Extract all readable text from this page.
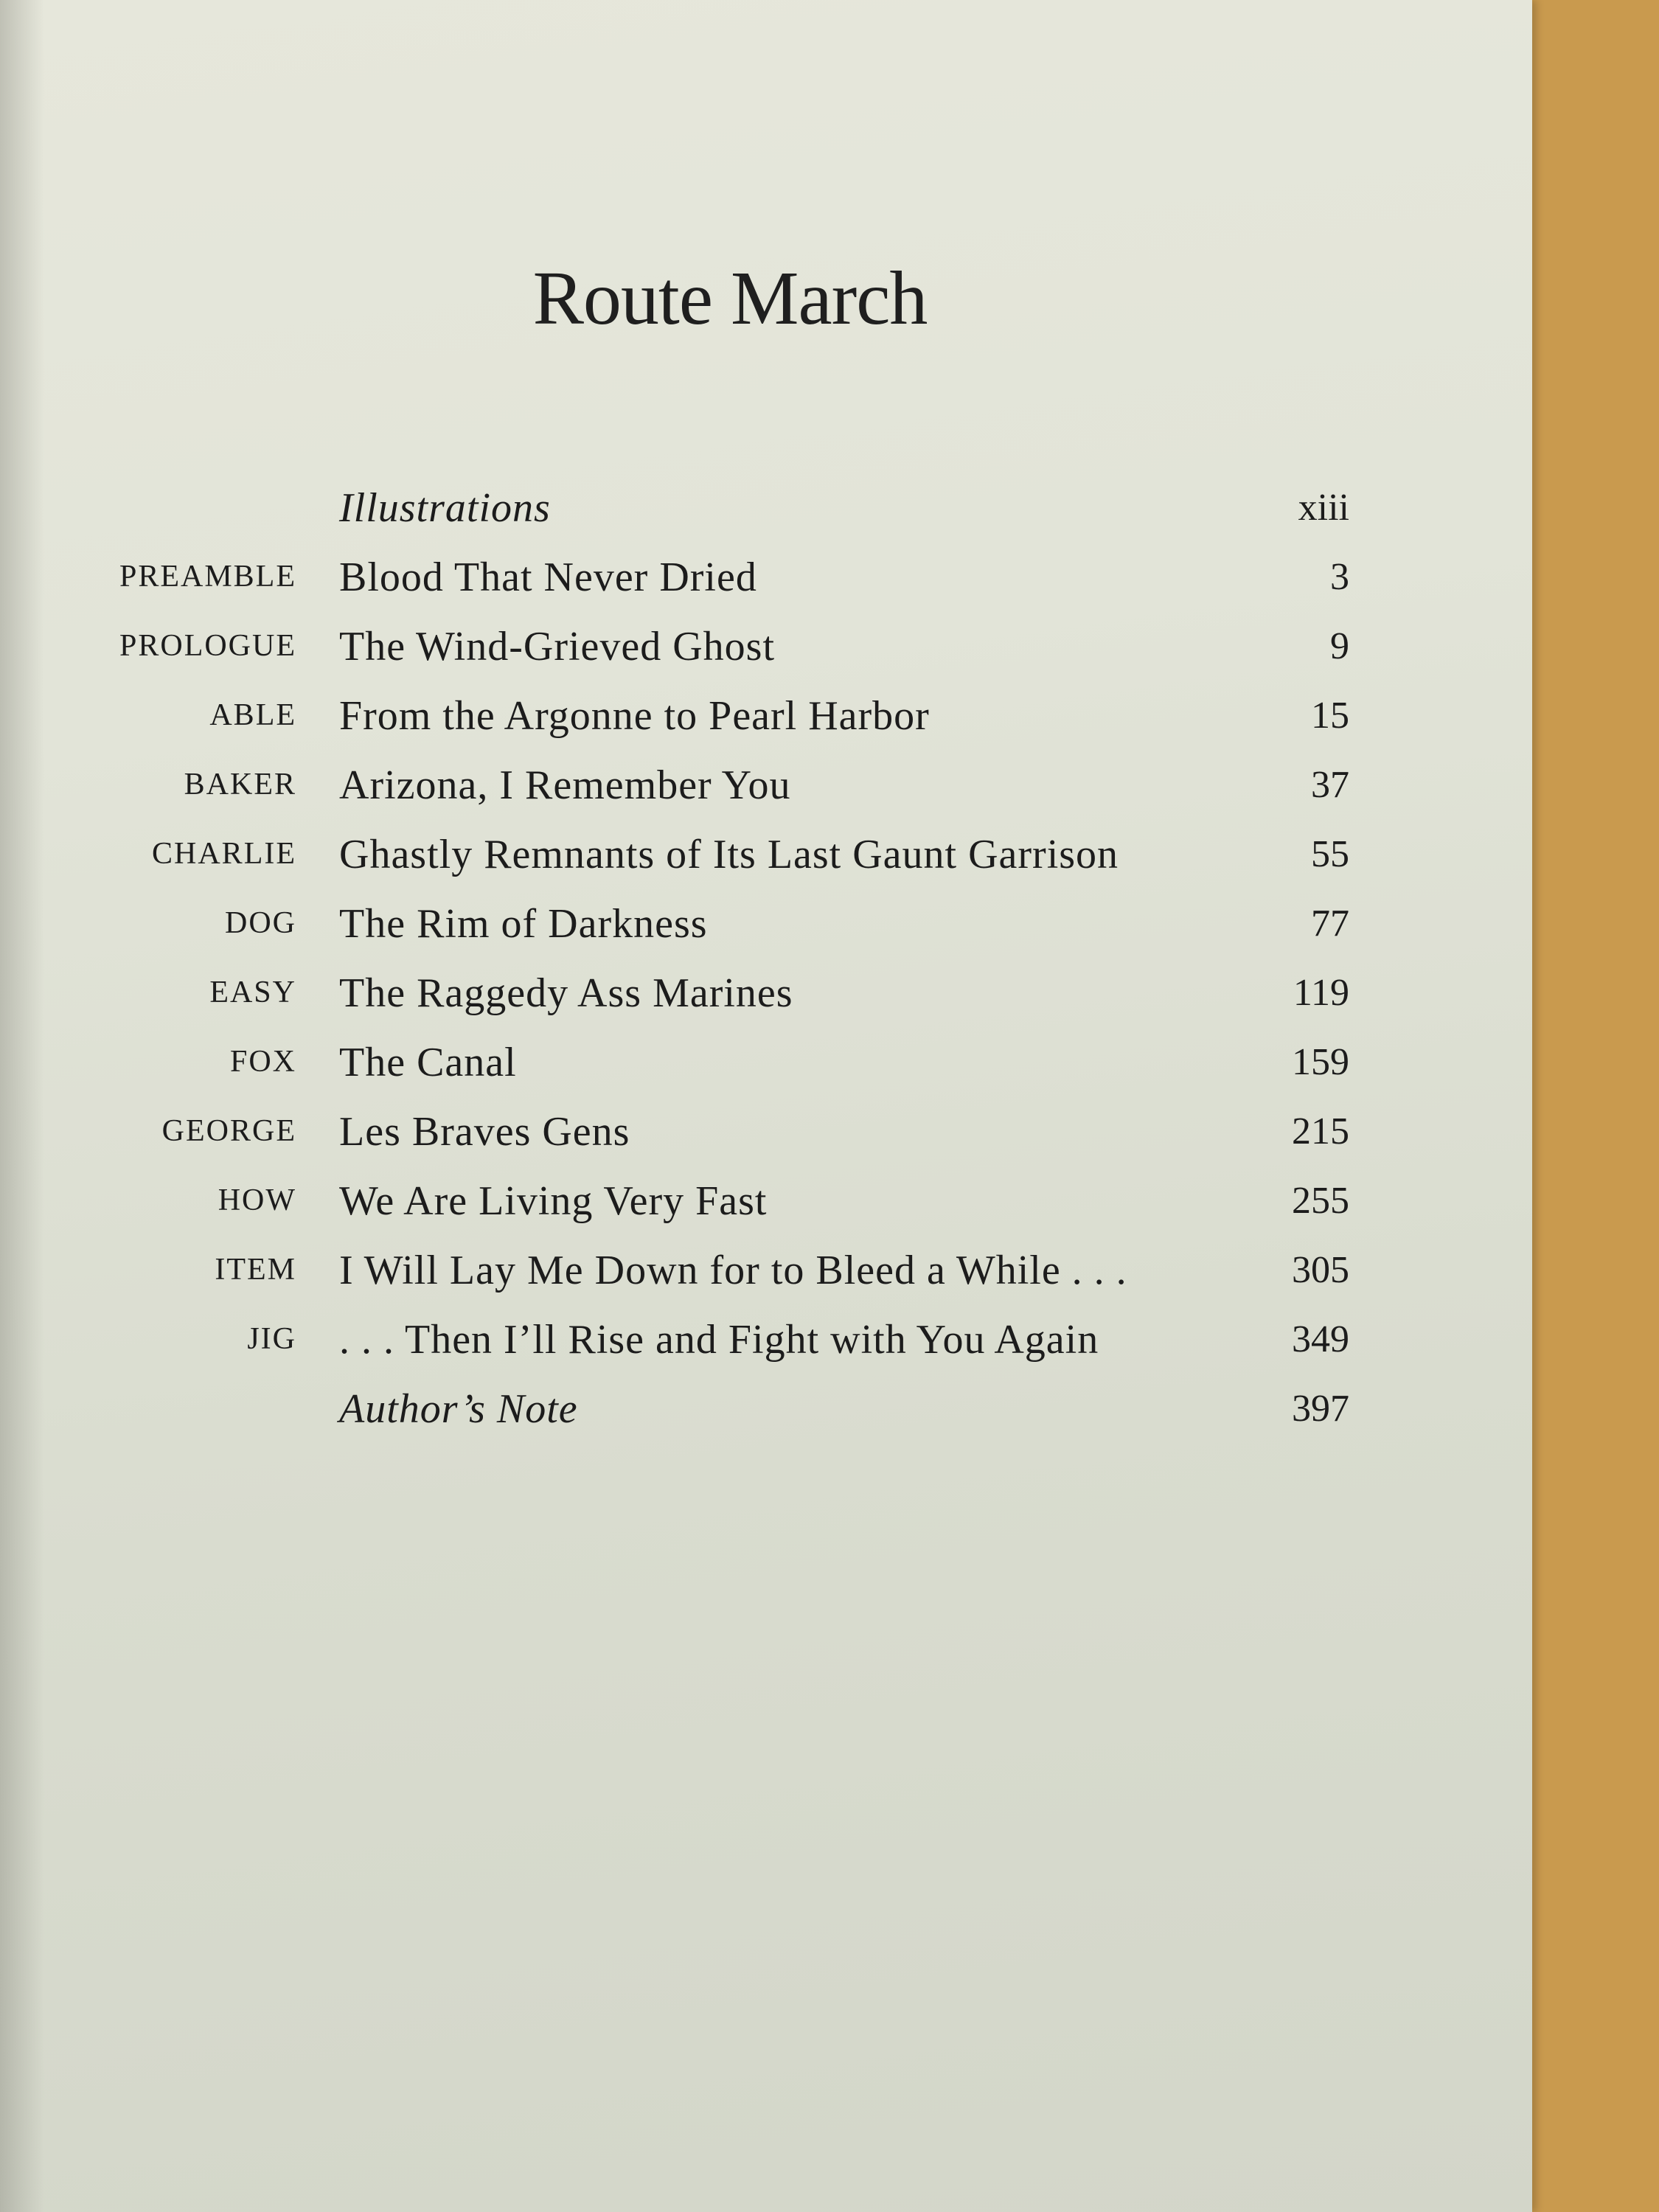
Route March
Illustrations	xiii
PREAMBLE	Blood That Never Dried	3
PROLOGUE	The Wind-Grieved Ghost	9
ABLE	From the Argonne to Pearl Harbor	15
BAKER	Arizona, I Remember You	37
CHARLIE	Ghastly Remnants of Its Last Gaunt Garrison	55
DOG	The Rim of Darkness	77
EASY	The Raggedy Ass Marines	119
FOX	The Canal	159
GEORGE	Les Braves Gens	215
HOW	We Are Living Very Fast	255
ITEM	I Will Lay Me Down for to Bleed a While . . .	305
JIG	. . . Then I’ll Rise and Fight with You Again	349
Author’s Note	397
